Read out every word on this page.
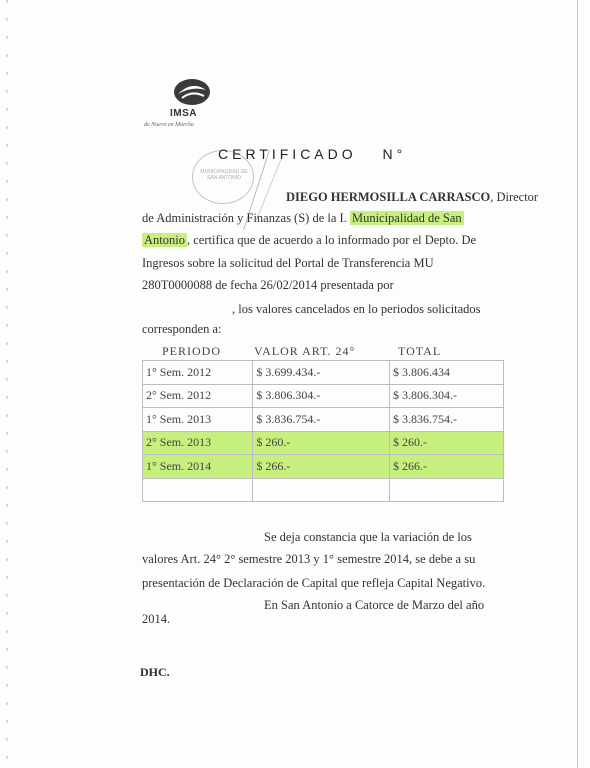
IMSA
de Nuevo en Marcha
MUNICIPALIDAD DE SAN ANTONIO
CERTIFICADO N°
DIEGO HERMOSILLA CARRASCO, Director
de Administración y Finanzas (S) de la I. Municipalidad de San
Antonio , certifica que de acuerdo a lo informado por el Depto. De
Ingresos sobre la solicitud del Portal de Transferencia MU
280T0000088 de fecha 26/02/2014 presentada por
, los valores cancelados en lo periodos solicitados
corresponden a:
PERIODO	VALOR ART. 24°	TOTAL
1° Sem. 2012	$ 3.699.434.-	$ 3.806.434
2° Sem. 2012	$ 3.806.304.-	$ 3.806.304.-
1° Sem. 2013	$ 3.836.754.-	$ 3.836.754.-
2° Sem. 2013	$ 260.-	$ 260.-
1° Sem. 2014	$ 266.-	$ 266.-

Se deja constancia que la variación de los
valores Art. 24° 2° semestre 2013 y 1° semestre 2014, se debe a su
presentación de Declaración de Capital que refleja Capital Negativo.
En San Antonio a Catorce de Marzo del año
2014.
DHC.
